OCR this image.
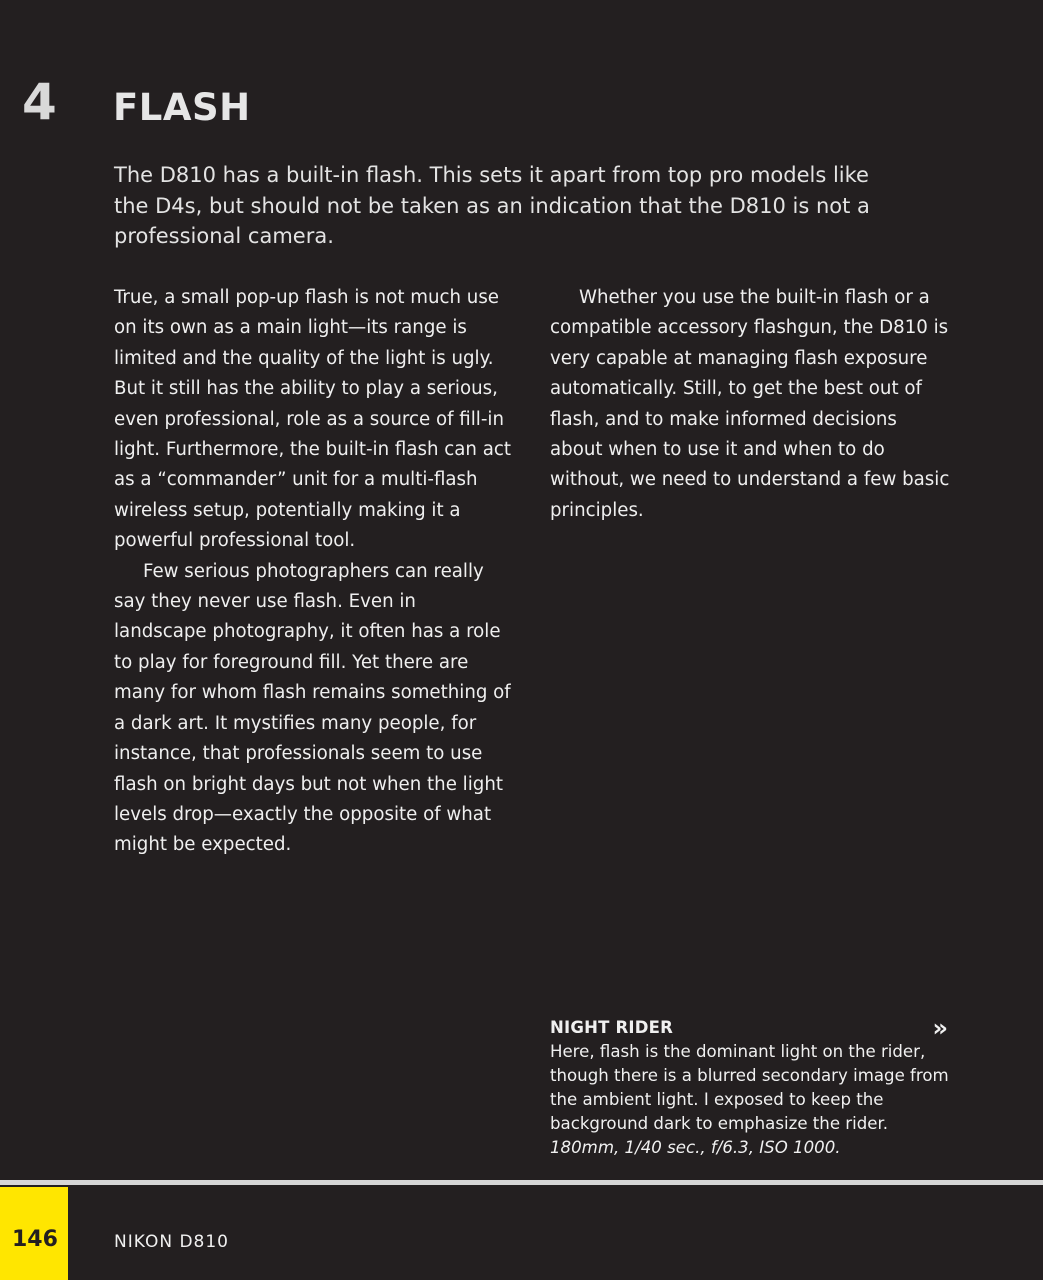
4 FLASH

The D810 has a built-in flash. This sets it apart from top pro models like the D4s, but should not be taken as an indication that the D810 is not a professional camera.

True, a small pop-up flash is not much use on its own as a main light—its range is limited and the quality of the light is ugly. But it still has the ability to play a serious, even professional, role as a source of fill-in light. Furthermore, the built-in flash can act as a “commander” unit for a multi-flash wireless setup, potentially making it a powerful professional tool.

Few serious photographers can really say they never use flash. Even in landscape photography, it often has a role to play for foreground fill. Yet there are many for whom flash remains something of a dark art. It mystifies many people, for instance, that professionals seem to use flash on bright days but not when the light levels drop—exactly the opposite of what might be expected.

Whether you use the built-in flash or a compatible accessory flashgun, the D810 is very capable at managing flash exposure automatically. Still, to get the best out of flash, and to make informed decisions about when to use it and when to do without, we need to understand a few basic principles.

NIGHT RIDER	»

Here, flash is the dominant light on the rider, though there is a blurred secondary image from the ambient light. I exposed to keep the background dark to emphasize the rider.

180mm, 1/40 sec., f/6.3, ISO 1000.

146	NIKON D810
